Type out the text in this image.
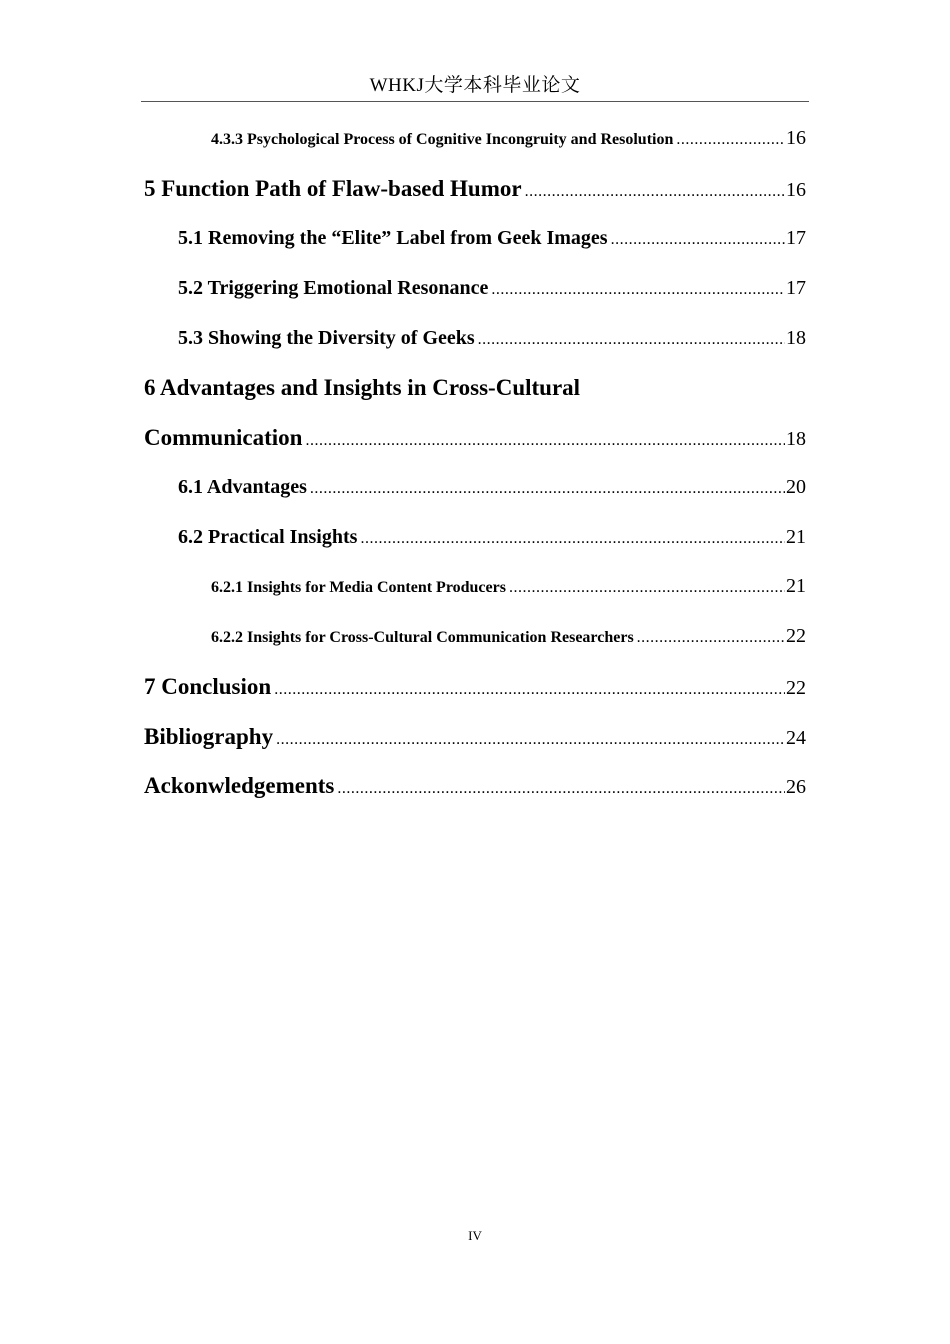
WHKJ大学本科毕业论文
4.3.3 Psychological Process of Cognitive Incongruity and Resolution .....	16
5 Function Path of Flaw-based Humor .....	16
5.1 Removing the “Elite” Label from Geek Images .....	17
5.2 Triggering Emotional Resonance .....	17
5.3 Showing the Diversity of Geeks .....	18
6 Advantages and Insights in Cross-Cultural
Communication .....	18
6.1 Advantages .....	20
6.2 Practical Insights .....	21
6.2.1 Insights for Media Content Producers .....	21
6.2.2 Insights for Cross-Cultural Communication Researchers .....	22
7 Conclusion .....	22
Bibliography .....	24
Ackonwledgements .....	26
IV
